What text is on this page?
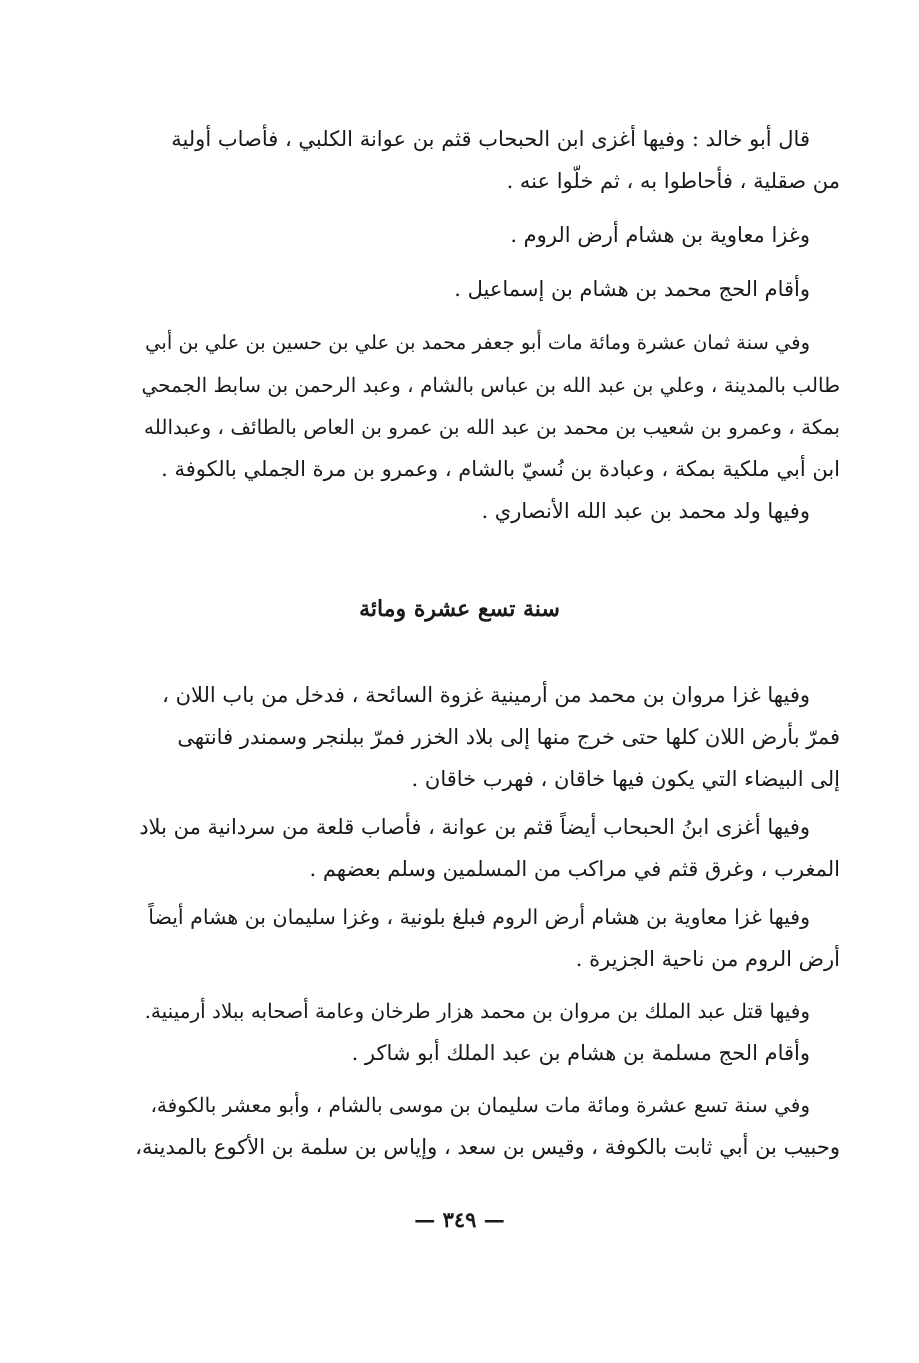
قال أبو خالد : وفيها أغزى ابن الحبحاب قثم بن عوانة الكلبي ، فأصاب أولية
من صقلية ، فأحاطوا به ، ثم خلّوا عنه .
وغزا معاوية بن هشام أرض الروم .
وأقام الحج محمد بن هشام بن إسماعيل .
وفي سنة ثمان عشرة ومائة مات أبو جعفر محمد بن علي بن حسين بن علي بن أبي
طالب بالمدينة ، وعلي بن عبد الله بن عباس بالشام ، وعبد الرحمن بن سابط الجمحي
بمكة ، وعمرو بن شعيب بن محمد بن عبد الله بن عمرو بن العاص بالطائف ، وعبدالله
ابن أبي ملكية بمكة ، وعبادة بن نُسيّ بالشام ، وعمرو بن مرة الجملي بالكوفة .
وفيها ولد محمد بن عبد الله الأنصاري .
سنة تسع عشرة ومائة
وفيها غزا مروان بن محمد من أرمينية غزوة السائحة ، فدخل من باب اللان ،
فمرّ بأرض اللان كلها حتى خرج منها إلى بلاد الخزر فمرّ ببلنجر وسمندر فانتهى
إلى البيضاء التي يكون فيها خاقان ، فهرب خاقان .
وفيها أغزى ابنُ الحبحاب أيضاً قثم بن عوانة ، فأصاب قلعة من سردانية من بلاد
المغرب ، وغرق قثم في مراكب من المسلمين وسلم بعضهم .
وفيها غزا معاوية بن هشام أرض الروم فبلغ بلونية ، وغزا سليمان بن هشام أيضاً
أرض الروم من ناحية الجزيرة .
وفيها قتل عبد الملك بن مروان بن محمد هزار طرخان وعامة أصحابه ببلاد أرمينية.
وأقام الحج مسلمة بن هشام بن عبد الملك أبو شاكر .
وفي سنة تسع عشرة ومائة مات سليمان بن موسى بالشام ، وأبو معشر بالكوفة،
وحبيب بن أبي ثابت بالكوفة ، وقيس بن سعد ، وإياس بن سلمة بن الأكوع بالمدينة،
— ٣٤٩ —
